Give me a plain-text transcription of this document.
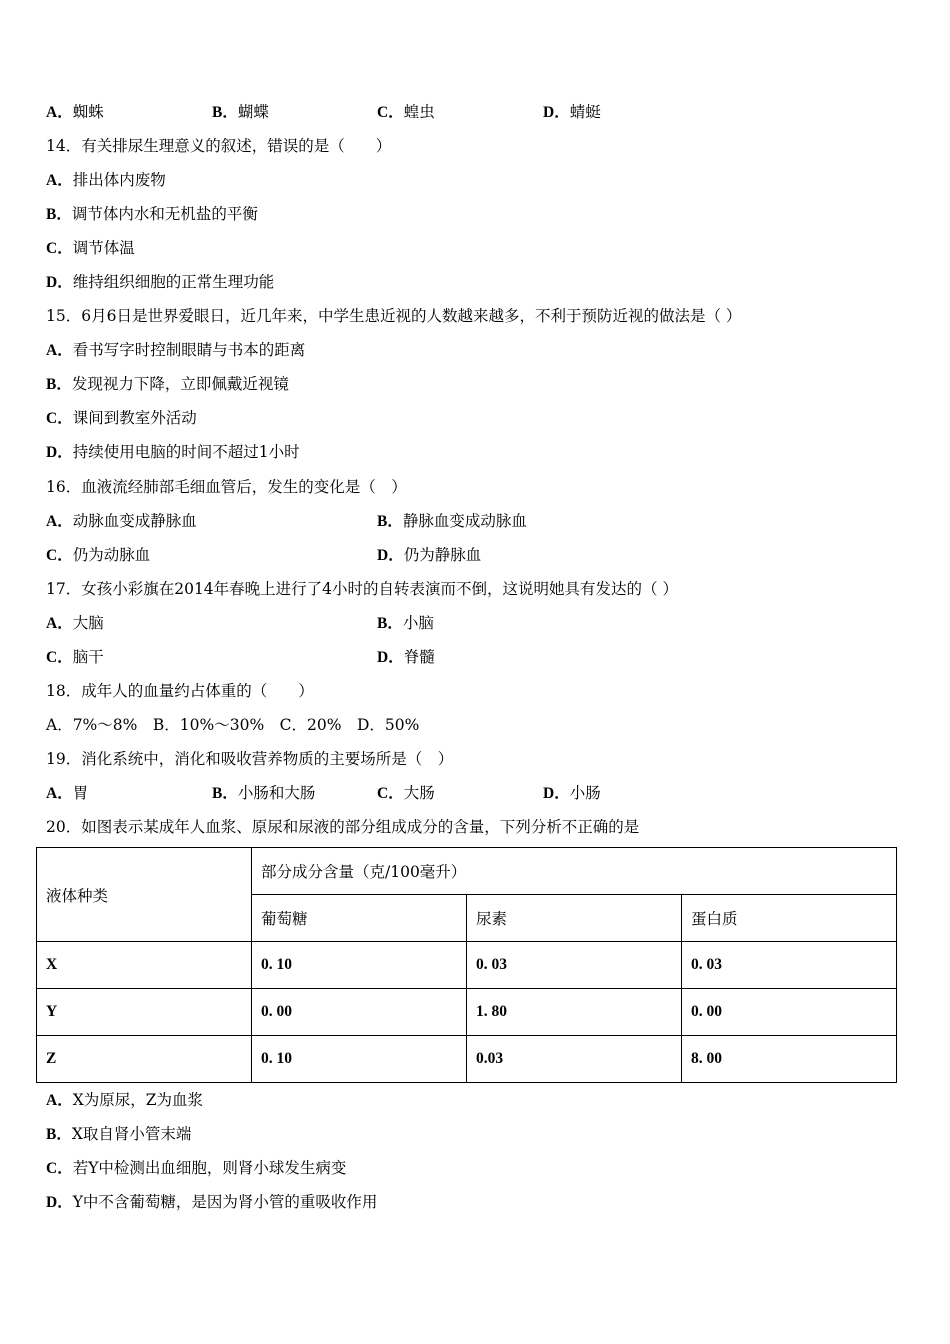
A．蜘蛛	B．蝴蝶	C．蝗虫	D．蜻蜓
14．有关排尿生理意义的叙述，错误的是（　　）
A．排出体内废物
B．调节体内水和无机盐的平衡
C．调节体温
D．维持组织细胞的正常生理功能
15．6月6日是世界爱眼日，近几年来，中学生患近视的人数越来越多，不利于预防近视的做法是（ ）
A．看书写字时控制眼睛与书本的距离
B．发现视力下降，立即佩戴近视镜
C．课间到教室外活动
D．持续使用电脑的时间不超过1小时
16．血液流经肺部毛细血管后，发生的变化是（　）
A．动脉血变成静脉血	B．静脉血变成动脉血
C．仍为动脉血	D．仍为静脉血
17．女孩小彩旗在2014年春晚上进行了4小时的自转表演而不倒，这说明她具有发达的（ ）
A．大脑	B．小脑
C．脑干	D．脊髓
18．成年人的血量约占体重的（　　）
A．7%～8%　B．10%～30%　C．20%　D．50%
19．消化系统中，消化和吸收营养物质的主要场所是（　）
A．胃	B．小肠和大肠	C．大肠	D．小肠
20．如图表示某成年人血浆、原尿和尿液的部分组成成分的含量，下列分析不正确的是
液体种类	部分成分含量（克/100毫升）		
	葡萄糖	尿素	蛋白质
X	0. 10	0. 03	0. 03
Y	0. 00	1. 80	0. 00
Z	0. 10	0.03	8. 00
A．X为原尿，Z为血浆
B．X取自肾小管末端
C．若Y中检测出血细胞，则肾小球发生病变
D．Y中不含葡萄糖，是因为肾小管的重吸收作用
